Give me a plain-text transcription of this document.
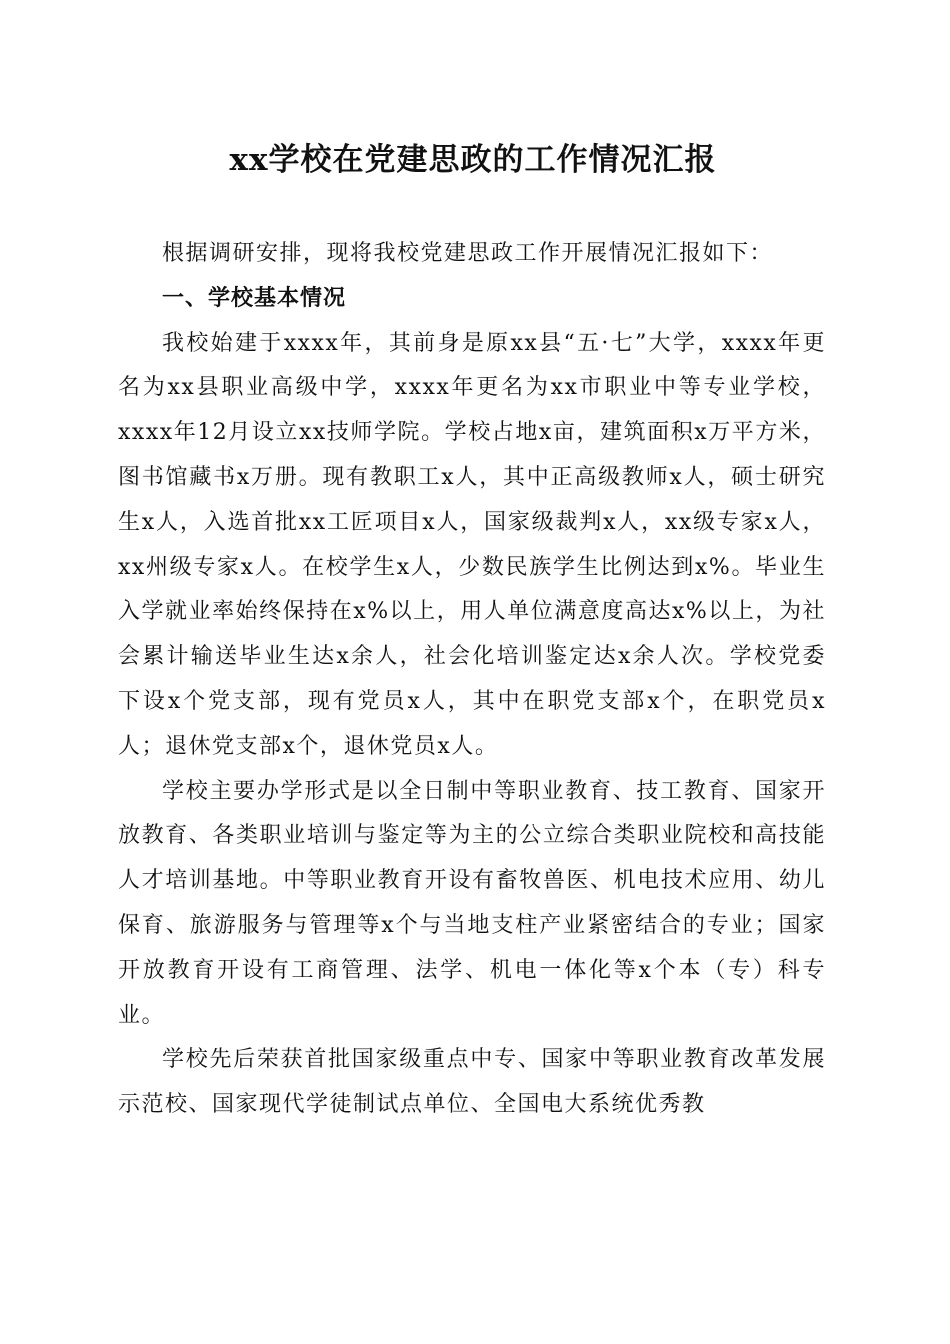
xx学校在党建思政的工作情况汇报

根据调研安排，现将我校党建思政工作开展情况汇报如下：

一、学校基本情况

我校始建于xxxx年，其前身是原xx县“五·七”大学，xxxx年更名为xx县职业高级中学，xxxx年更名为xx市职业中等专业学校，xxxx年12月设立xx技师学院。学校占地x亩，建筑面积x万平方米，图书馆藏书x万册。现有教职工x人，其中正高级教师x人，硕士研究生x人，入选首批xx工匠项目x人，国家级裁判x人，xx级专家x人，xx州级专家x人。在校学生x人，少数民族学生比例达到x%。毕业生入学就业率始终保持在x%以上，用人单位满意度高达x%以上，为社会累计输送毕业生达x余人，社会化培训鉴定达x余人次。学校党委下设x个党支部，现有党员x人，其中在职党支部x个，在职党员x人；退休党支部x个，退休党员x人。

学校主要办学形式是以全日制中等职业教育、技工教育、国家开放教育、各类职业培训与鉴定等为主的公立综合类职业院校和高技能人才培训基地。中等职业教育开设有畜牧兽医、机电技术应用、幼儿保育、旅游服务与管理等x个与当地支柱产业紧密结合的专业；国家开放教育开设有工商管理、法学、机电一体化等x个本（专）科专业。

学校先后荣获首批国家级重点中专、国家中等职业教育改革发展示范校、国家现代学徒制试点单位、全国电大系统优秀教
